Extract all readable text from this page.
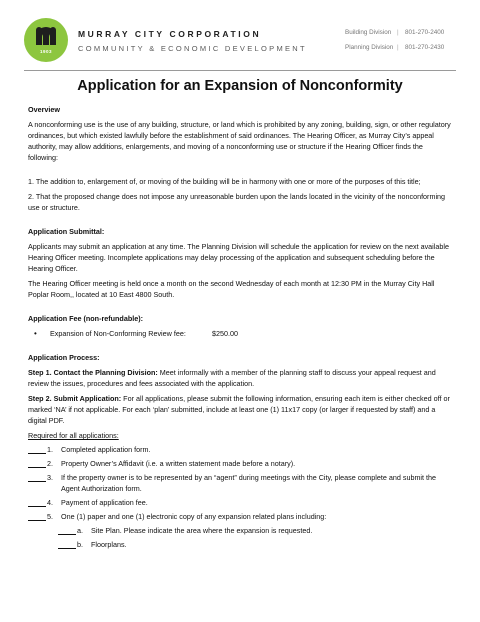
1903
MURRAY CITY CORPORATION
COMMUNITY & ECONOMIC DEVELOPMENT
Building Division |	801-270-2400
Planning Division |	801-270-2430
Application for an Expansion of Nonconformity

Overview

A nonconforming use is the use of any building, structure, or land which is prohibited by any zoning, building, sign, or other regulatory ordinances, but which existed lawfully before the establishment of said ordinances. The Hearing Officer, as Murray City’s appeal authority, may allow additions, enlargements, and moving of a nonconforming use or structure if the Hearing Officer finds the following:

1. The addition to, enlargement of, or moving of the building will be in harmony with one or more of the purposes of this title;

2. That the proposed change does not impose any unreasonable burden upon the lands located in the vicinity of the nonconforming use or structure.

Application Submittal:

Applicants may submit an application at any time. The Planning Division will schedule the application for review on the next available Hearing Officer meeting. Incomplete applications may delay processing of the application and subsequent scheduling before the Hearing Officer.

The Hearing Officer meeting is held once a month on the second Wednesday of each month at 12:30 PM in the Murray City Hall Poplar Room,, located at 10 East 4800 South.

Application Fee (non-refundable):

•	Expansion of Non-Conforming Review fee:	$250.00

Application Process:

Step 1. Contact the Planning Division: Meet informally with a member of the planning staff to discuss your appeal request and review the issues, procedures and fees associated with the application.

Step 2. Submit Application: For all applications, please submit the following information, ensuring each item is either checked off or marked ‘NA’ if not applicable. For each ‘plan’ submitted, include at least one (1) 11x17 copy (or larger if requested by staff) and a digital PDF.

Required for all applications:

1.	Completed application form.
2.	Property Owner’s Affidavit (i.e. a written statement made before a notary).
3.	If the property owner is to be represented by an “agent” during meetings with the City, please complete and submit the Agent Authorization form.
4.	Payment of application fee.
5.	One (1) paper and one (1) electronic copy of any expansion related plans including:
a.	Site Plan. Please indicate the area where the expansion is requested.
b.	Floorplans.
